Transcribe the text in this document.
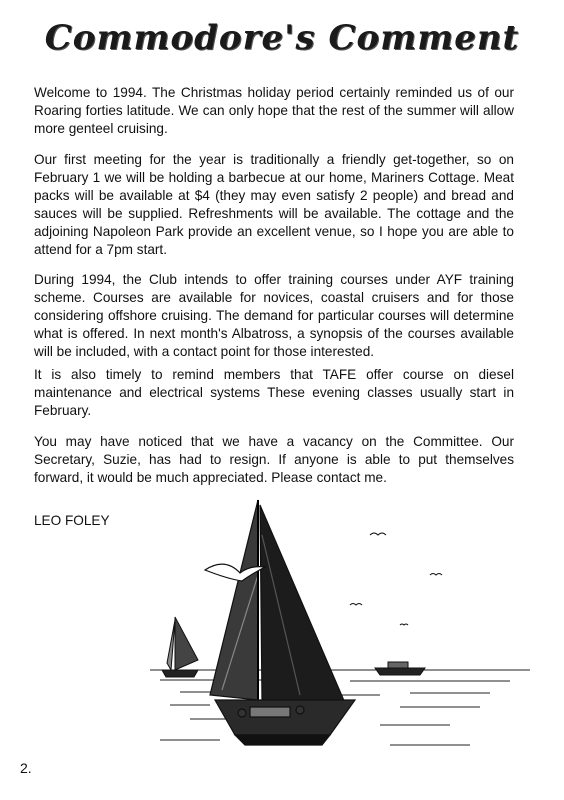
Commodore's Comment

Welcome to 1994. The Christmas holiday period certainly reminded us of our Roaring forties latitude. We can only hope that the rest of the summer will allow more genteel cruising.

Our first meeting for the year is traditionally a friendly get-together, so on February 1 we will be holding a barbecue at our home, Mariners Cottage. Meat packs will be available at $4 (they may even satisfy 2 people) and bread and sauces will be supplied. Refreshments will be available. The cottage and the adjoining Napoleon Park provide an excellent venue, so I hope you are able to attend for a 7pm start.

During 1994, the Club intends to offer training courses under AYF training scheme. Courses are available for novices, coastal cruisers and for those considering offshore cruising. The demand for particular courses will determine what is offered. In next month's Albatross, a synopsis of the courses available will be included, with a contact point for those interested.

It is also timely to remind members that TAFE offer course on diesel maintenance and electrical systems These evening classes usually start in February.

You may have noticed that we have a vacancy on the Committee. Our Secretary, Suzie, has had to resign. If anyone is able to put themselves forward, it would be much appreciated. Please contact me.

LEO FOLEY

2.
